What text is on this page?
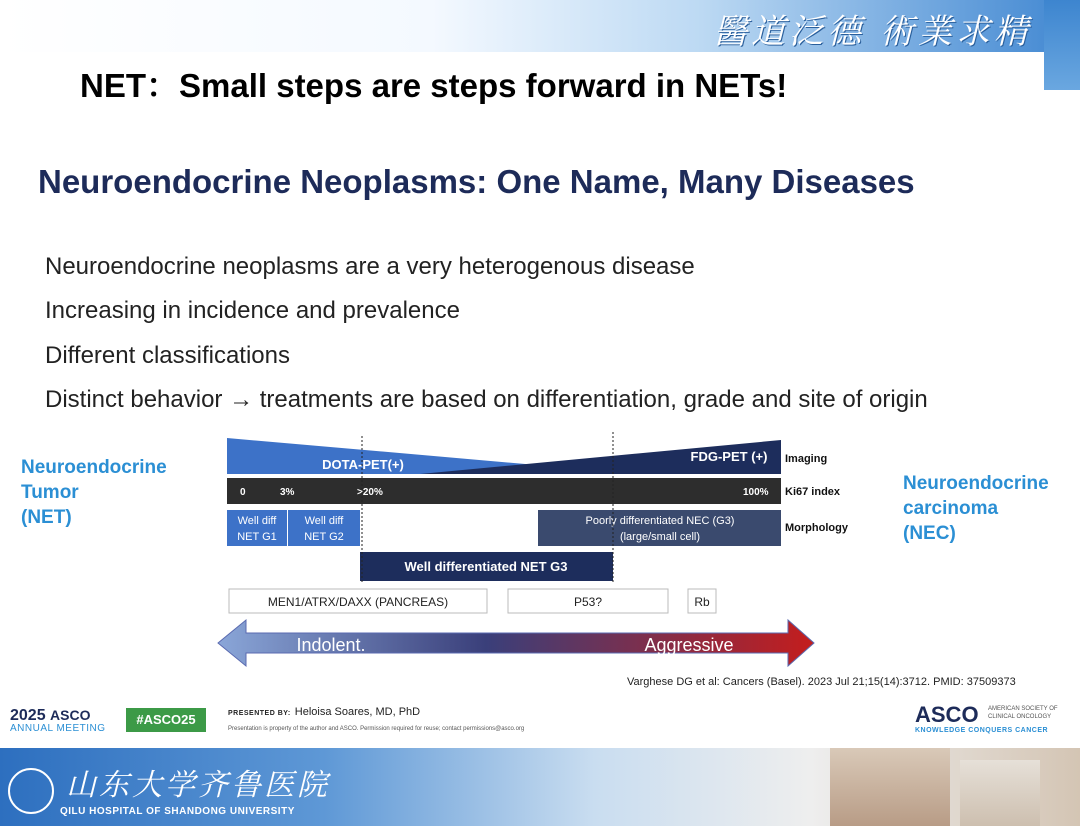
醫道泛德 術業求精
NET：Small steps are steps forward in NETs!
Neuroendocrine Neoplasms: One Name, Many Diseases
Neuroendocrine neoplasms are a very heterogenous disease
Increasing in incidence and prevalence
Different classifications
Distinct behavior → treatments are based on differentiation, grade and site of origin
Neuroendocrine
Tumor
(NET)
Neuroendocrine
carcinoma
(NEC)
DOTA-PET(+)
FDG-PET (+) Imaging
0	3%	>20%	100% Ki67 index
Well diff
NET G1
Well diff
NET G2
Poorly differentiated NEC (G3)
(large/small cell)
Morphology
Well differentiated NET G3
MEN1/ATRX/DAXX (PANCREAS)	P53?	Rb
Indolent.	Aggressive
Varghese DG et al: Cancers (Basel). 2023 Jul 21;15(14):3712. PMID: 37509373
2025 ASCO
ANNUAL MEETING
#ASCO25	PRESENTED BY: Heloisa Soares, MD, PhD
Presentation is property of the author and ASCO. Permission required for reuse; contact permissions@asco.org
ASCO AMERICAN SOCIETY OF CLINICAL ONCOLOGY
KNOWLEDGE CONQUERS CANCER
山东大学齐鲁医院
QILU HOSPITAL OF SHANDONG UNIVERSITY
